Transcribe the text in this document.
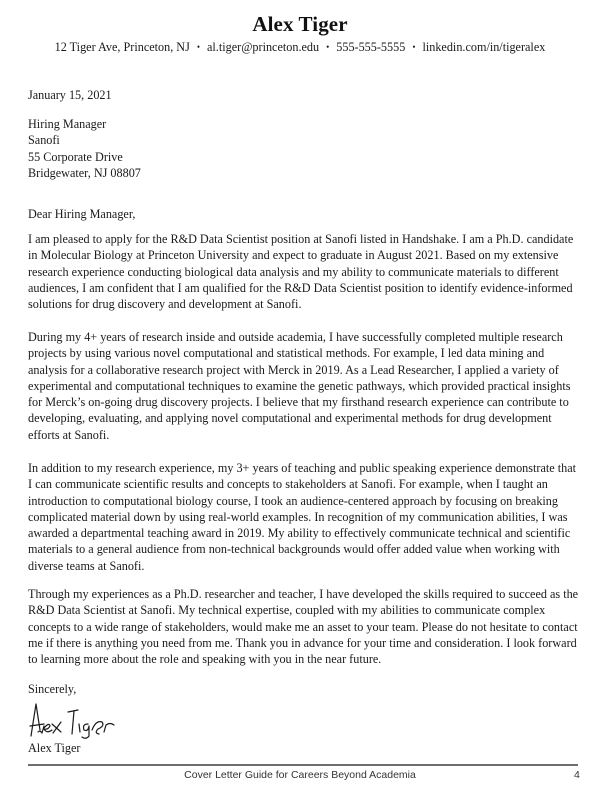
Alex Tiger
12 Tiger Ave, Princeton, NJ • al.tiger@princeton.edu • 555-555-5555 • linkedin.com/in/tigeralex
January 15, 2021
Hiring Manager
Sanofi
55 Corporate Drive
Bridgewater, NJ 08807
Dear Hiring Manager,

I am pleased to apply for the R&D Data Scientist position at Sanofi listed in Handshake. I am a Ph.D. candidate in Molecular Biology at Princeton University and expect to graduate in August 2021. Based on my extensive research experience conducting biological data analysis and my ability to communicate materials to different audiences, I am confident that I am qualified for the R&D Data Scientist position to identify evidence-informed solutions for drug discovery and development at Sanofi.

During my 4+ years of research inside and outside academia, I have successfully completed multiple research projects by using various novel computational and statistical methods. For example, I led data mining and analysis for a collaborative research project with Merck in 2019. As a Lead Researcher, I applied a variety of experimental and computational techniques to examine the genetic pathways, which provided practical insights for Merck’s on-going drug discovery projects. I believe that my firsthand research experience can contribute to developing, evaluating, and applying novel computational and experimental methods for drug development efforts at Sanofi.

In addition to my research experience, my 3+ years of teaching and public speaking experience demonstrate that I can communicate scientific results and concepts to stakeholders at Sanofi. For example, when I taught an introduction to computational biology course, I took an audience-centered approach by focusing on breaking complicated material down by using real-world examples. In recognition of my communication abilities, I was awarded a departmental teaching award in 2019. My ability to effectively communicate technical and scientific materials to a general audience from non-technical backgrounds would offer added value when working with diverse teams at Sanofi.

Through my experiences as a Ph.D. researcher and teacher, I have developed the skills required to succeed as the R&D Data Scientist at Sanofi. My technical expertise, coupled with my abilities to communicate complex concepts to a wide range of stakeholders, would make me an asset to your team. Please do not hesitate to contact me if there is anything you need from me. Thank you in advance for your time and consideration. I look forward to learning more about the role and speaking with you in the near future.

Sincerely,
Alex Tiger
Cover Letter Guide for Careers Beyond Academia	4
